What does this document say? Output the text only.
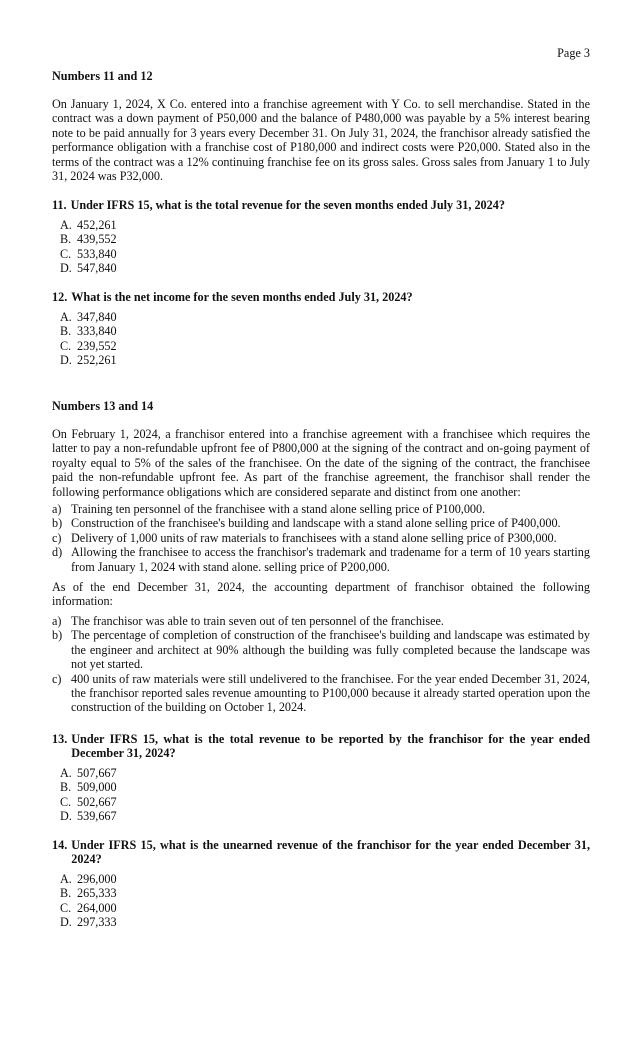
Page 3

Numbers 11 and 12

On January 1, 2024, X Co. entered into a franchise agreement with Y Co. to sell merchandise. Stated in the contract was a down payment of P50,000 and the balance of P480,000 was payable by a 5% interest bearing note to be paid annually for 3 years every December 31. On July 31, 2024, the franchisor already satisfied the performance obligation with a franchise cost of P180,000 and indirect costs were P20,000. Stated also in the terms of the contract was a 12% continuing franchise fee on its gross sales. Gross sales from January 1 to July 31, 2024 was P32,000.

11. Under IFRS 15, what is the total revenue for the seven months ended July 31, 2024?
A. 452,261
B. 439,552
C. 533,840
D. 547,840
12. What is the net income for the seven months ended July 31, 2024?
A. 347,840
B. 333,840
C. 239,552
D. 252,261

Numbers 13 and 14

On February 1, 2024, a franchisor entered into a franchise agreement with a franchisee which requires the latter to pay a non-refundable upfront fee of P800,000 at the signing of the contract and on-going payment of royalty equal to 5% of the sales of the franchisee. On the date of the signing of the contract, the franchisee paid the non-refundable upfront fee. As part of the franchise agreement, the franchisor shall render the following performance obligations which are considered separate and distinct from one another:

a) Training ten personnel of the franchisee with a stand alone selling price of P100,000.
b) Construction of the franchisee's building and landscape with a stand alone selling price of P400,000.
c) Delivery of 1,000 units of raw materials to franchisees with a stand alone selling price of P300,000.
d) Allowing the franchisee to access the franchisor's trademark and tradename for a term of 10 years starting from January 1, 2024 with stand alone. selling price of P200,000.

As of the end December 31, 2024, the accounting department of franchisor obtained the following information:

a) The franchisor was able to train seven out of ten personnel of the franchisee.
b) The percentage of completion of construction of the franchisee's building and landscape was estimated by the engineer and architect at 90% although the building was fully completed because the landscape was not yet started.
c) 400 units of raw materials were still undelivered to the franchisee. For the year ended December 31, 2024, the franchisor reported sales revenue amounting to P100,000 because it already started operation upon the construction of the building on October 1, 2024.
13. Under IFRS 15, what is the total revenue to be reported by the franchisor for the year ended December 31, 2024?
A. 507,667
B. 509,000
C. 502,667
D. 539,667
14. Under IFRS 15, what is the unearned revenue of the franchisor for the year ended December 31, 2024?
A. 296,000
B. 265,333
C. 264,000
D. 297,333
